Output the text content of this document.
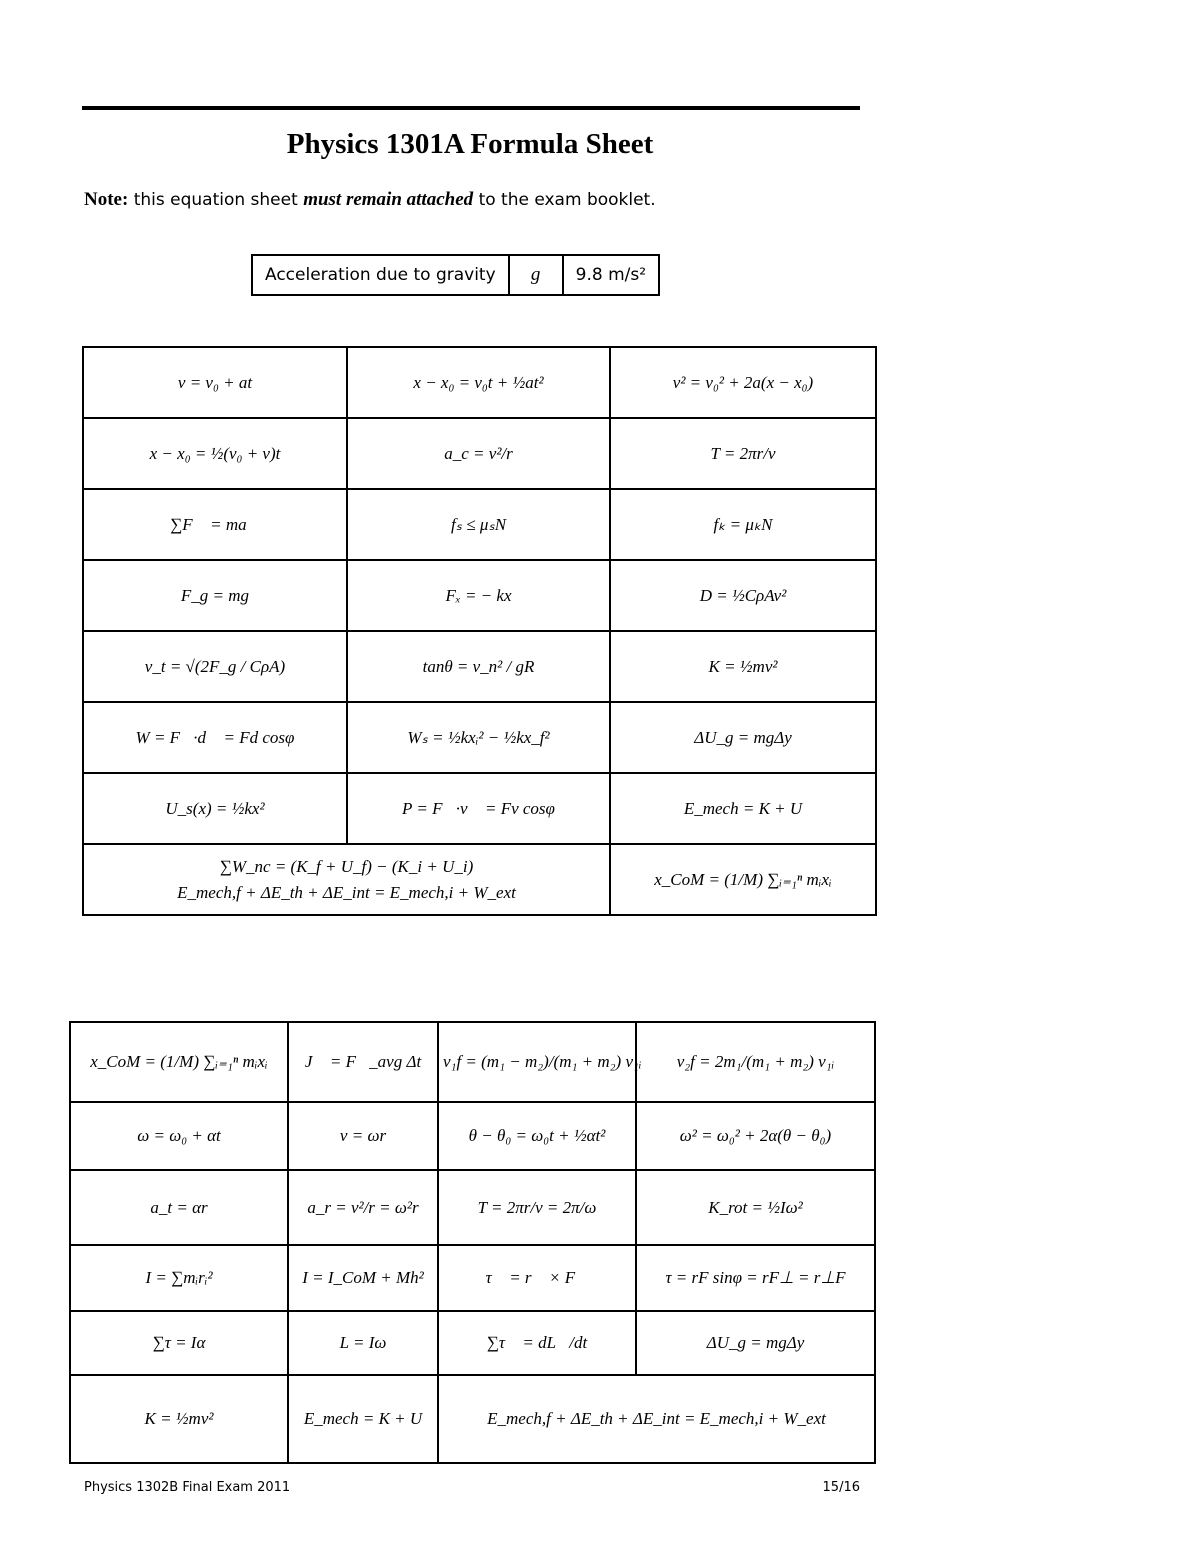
Physics 1301A Formula Sheet
Note: this equation sheet must remain attached to the exam booklet.
Acceleration due to gravity	g	9.8 m/s²
v = v₀ + at	x − x₀ = v₀t + ½at²	v² = v₀² + 2a(x − x₀)
x − x₀ = ½(v₀ + v)t	a_c = v²/r	T = 2πr/v
∑F⃗ = ma⃗	fₛ ≤ μₛN	fₖ = μₖN
F_g = mg	Fₓ = − kx	D = ½CρAv²
v_t = √(2F_g / CρA)	tanθ = v_n² / gR	K = ½mv²
W = F⃗·d⃗ = Fd cosφ	Wₛ = ½kxᵢ² − ½kx_f²	ΔU_g = mgΔy
U_s(x) = ½kx²	P = F⃗·v⃗ = Fv cosφ	E_mech = K + U

∑W_nc = (K_f + U_f) − (K_i + U_i)
E_mech,f + ΔE_th + ΔE_int = E_mech,i + W_ext		x_CoM = (1/M) ∑ᵢ₌₁ⁿ mᵢxᵢ
x_CoM = (1/M) ∑ᵢ₌₁ⁿ mᵢxᵢ	J⃗ = F⃗_avg Δt	v₁f = (m₁ − m₂)/(m₁ + m₂) v₁ᵢ	v₂f = 2m₁/(m₁ + m₂) v₁ᵢ
ω = ω₀ + αt	v = ωr	θ − θ₀ = ω₀t + ½αt²	ω² = ω₀² + 2α(θ − θ₀)
a_t = αr	a_r = v²/r = ω²r	T = 2πr/v = 2π/ω	K_rot = ½Iω²
I = ∑mᵢrᵢ²	I = I_CoM + Mh²	τ⃗ = r⃗ × F⃗	τ = rF sinφ = rF⊥ = r⊥F
∑τ = Iα	L = Iω	∑τ⃗ = dL⃗/dt	ΔU_g = mgΔy
K = ½mv²	E_mech = K + U	E_mech,f + ΔE_th + ΔE_int = E_mech,i + W_ext	
Physics 1302B Final Exam 2011	15/16
